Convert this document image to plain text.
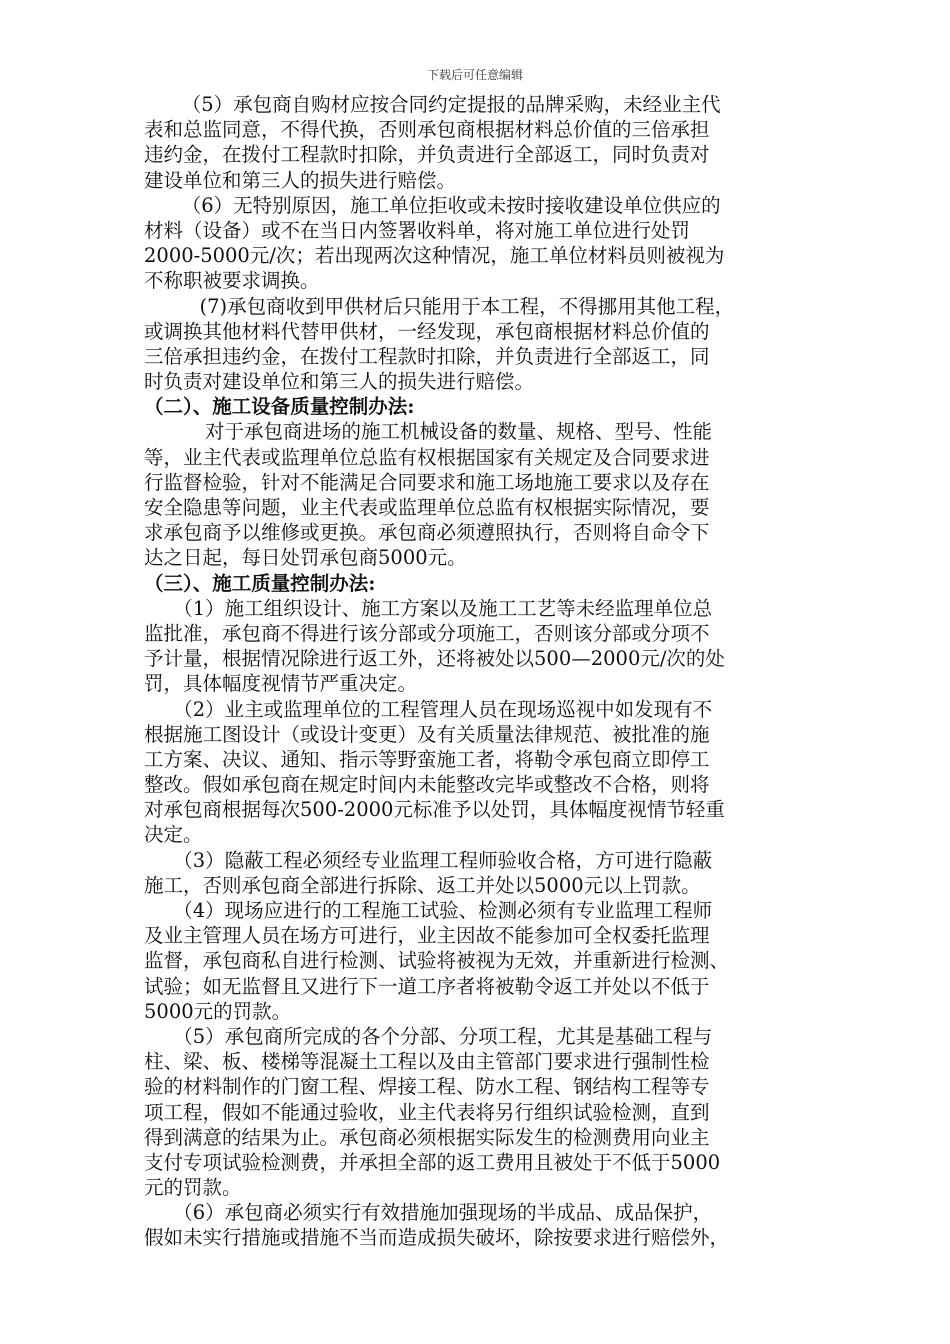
下载后可任意编辑
　（5）承包商自购材应按合同约定提报的品牌采购，未经业主代
表和总监同意，不得代换，否则承包商根据材料总价值的三倍承担
违约金，在拨付工程款时扣除，并负责进行全部返工，同时负责对
建设单位和第三人的损失进行赔偿。
　（6）无特别原因，施工单位拒收或未按时接收建设单位供应的
材料（设备）或不在当日内签署收料单，将对施工单位进行处罚
2000-5000元/次；若出现两次这种情况，施工单位材料员则被视为
不称职被要求调换。
　(7)承包商收到甲供材后只能用于本工程，不得挪用其他工程，
或调换其他材料代替甲供材，一经发现，承包商根据材料总价值的
三倍承担违约金，在拨付工程款时扣除，并负责进行全部返工，同
时负责对建设单位和第三人的损失进行赔偿。
（二）、施工设备质量控制办法:
　　对于承包商进场的施工机械设备的数量、规格、型号、性能
等，业主代表或监理单位总监有权根据国家有关规定及合同要求进
行监督检验，针对不能满足合同要求和施工场地施工要求以及存在
安全隐患等问题，业主代表或监理单位总监有权根据实际情况，要
求承包商予以维修或更换。承包商必须遵照执行，否则将自命令下
达之日起，每日处罚承包商5000元。
（三）、施工质量控制办法:
　　（1）施工组织设计、施工方案以及施工工艺等未经监理单位总
监批准，承包商不得进行该分部或分项施工，否则该分部或分项不
予计量，根据情况除进行返工外，还将被处以500—2000元/次的处
罚，具体幅度视情节严重决定。
　　（2）业主或监理单位的工程管理人员在现场巡视中如发现有不
根据施工图设计（或设计变更）及有关质量法律规范、被批准的施
工方案、决议、通知、指示等野蛮施工者，将勒令承包商立即停工
整改。假如承包商在规定时间内未能整改完毕或整改不合格，则将
对承包商根据每次500-2000元标准予以处罚，具体幅度视情节轻重
决定。
　　（3）隐蔽工程必须经专业监理工程师验收合格，方可进行隐蔽
施工，否则承包商全部进行拆除、返工并处以5000元以上罚款。
　　（4）现场应进行的工程施工试验、检测必须有专业监理工程师
及业主管理人员在场方可进行，业主因故不能参加可全权委托监理
监督，承包商私自进行检测、试验将被视为无效，并重新进行检测、
试验；如无监督且又进行下一道工序者将被勒令返工并处以不低于
5000元的罚款。
　　（5）承包商所完成的各个分部、分项工程，尤其是基础工程与
柱、梁、板、楼梯等混凝土工程以及由主管部门要求进行强制性检
验的材料制作的门窗工程、焊接工程、防水工程、钢结构工程等专
项工程，假如不能通过验收，业主代表将另行组织试验检测，直到
得到满意的结果为止。承包商必须根据实际发生的检测费用向业主
支付专项试验检测费，并承担全部的返工费用且被处于不低于5000
元的罚款。
　　（6）承包商必须实行有效措施加强现场的半成品、成品保护，
假如未实行措施或措施不当而造成损失破坏，除按要求进行赔偿外，
